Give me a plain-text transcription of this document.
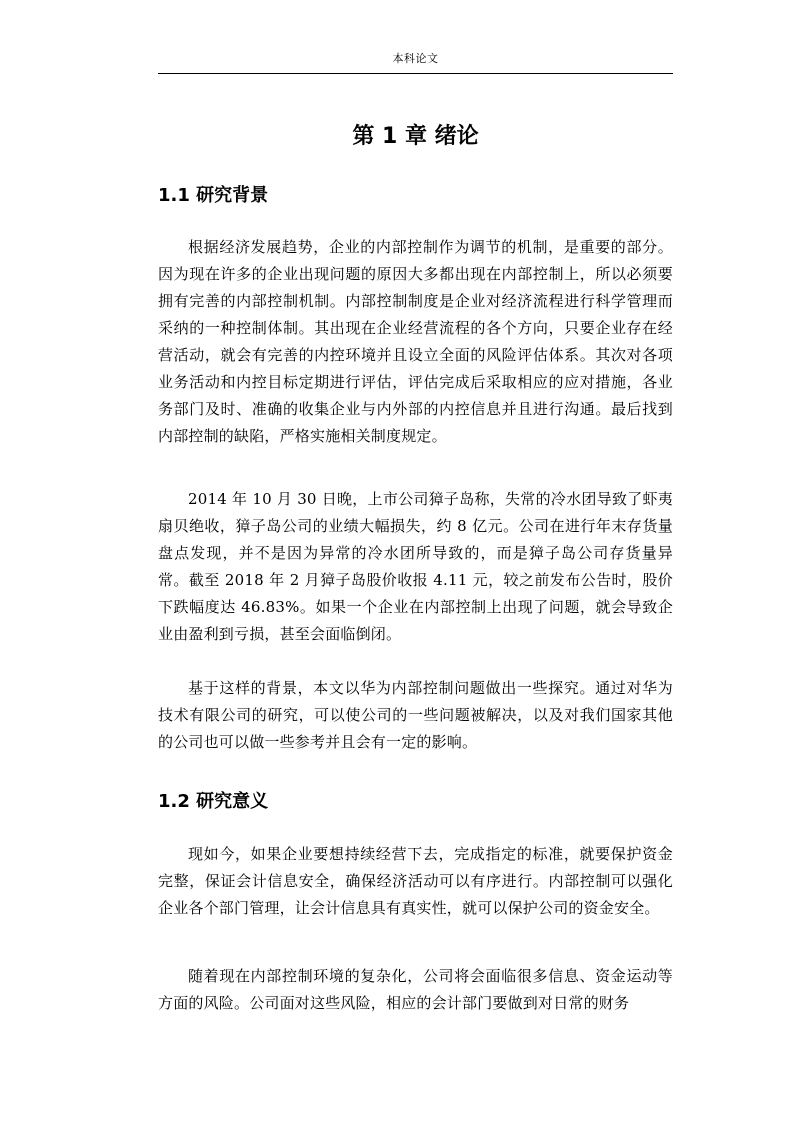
本科论文
第 1 章 绪论
1.1 研究背景

根据经济发展趋势，企业的内部控制作为调节的机制，是重要的部分。因为现在许多的企业出现问题的原因大多都出现在内部控制上，所以必须要拥有完善的内部控制机制。内部控制制度是企业对经济流程进行科学管理而采纳的一种控制体制。其出现在企业经营流程的各个方向，只要企业存在经营活动，就会有完善的内控环境并且设立全面的风险评估体系。其次对各项业务活动和内控目标定期进行评估，评估完成后采取相应的应对措施，各业务部门及时、准确的收集企业与内外部的内控信息并且进行沟通。最后找到内部控制的缺陷，严格实施相关制度规定。

2014 年 10 月 30 日晚，上市公司獐子岛称，失常的冷水团导致了虾夷扇贝绝收，獐子岛公司的业绩大幅损失，约 8 亿元。公司在进行年末存货量盘点发现，并不是因为异常的冷水团所导致的，而是獐子岛公司存货量异常。截至 2018 年 2 月獐子岛股价收报 4.11 元，较之前发布公告时，股价下跌幅度达 46.83%。如果一个企业在内部控制上出现了问题，就会导致企业由盈利到亏损，甚至会面临倒闭。

基于这样的背景，本文以华为内部控制问题做出一些探究。通过对华为技术有限公司的研究，可以使公司的一些问题被解决，以及对我们国家其他的公司也可以做一些参考并且会有一定的影响。

1.2 研究意义

现如今，如果企业要想持续经营下去，完成指定的标准，就要保护资金完整，保证会计信息安全，确保经济活动可以有序进行。内部控制可以强化企业各个部门管理，让会计信息具有真实性，就可以保护公司的资金安全。

随着现在内部控制环境的复杂化，公司将会面临很多信息、资金运动等方面的风险。公司面对这些风险，相应的会计部门要做到对日常的财务
